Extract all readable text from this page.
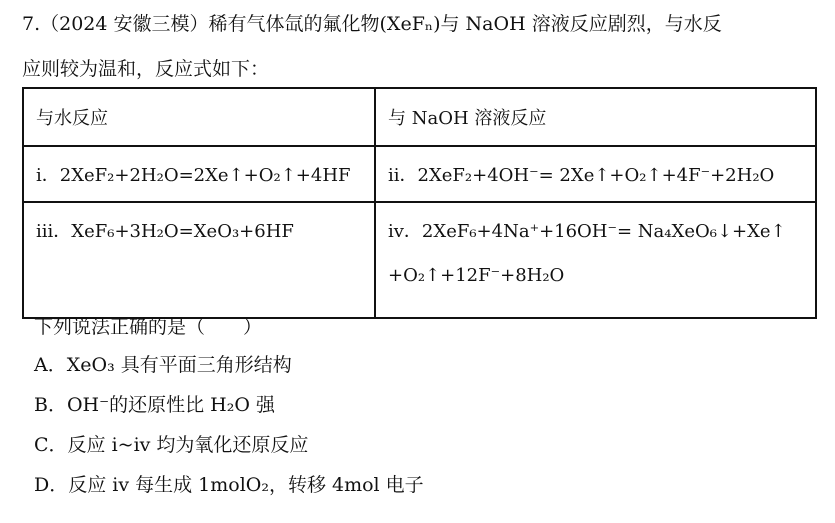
7.（2024 安徽三模）稀有气体氙的氟化物(XeFₙ)与 NaOH 溶液反应剧烈，与水反
应则较为温和，反应式如下：
与水反应	与 NaOH 溶液反应
i．2XeF₂+2H₂O=2Xe↑+O₂↑+4HF	ii．2XeF₂+4OH⁻= 2Xe↑+O₂↑+4F⁻+2H₂O

iii．XeF₆+3H₂O=XeO₃+6HF	iv．2XeF₆+4Na⁺+16OH⁻= Na₄XeO₆↓+Xe↑
+O₂↑+12F⁻+8H₂O
下列说法正确的是（　　）
A．XeO₃ 具有平面三角形结构
B．OH⁻的还原性比 H₂O 强
C．反应 i~iv 均为氧化还原反应
D．反应 iv 每生成 1molO₂，转移 4mol 电子
